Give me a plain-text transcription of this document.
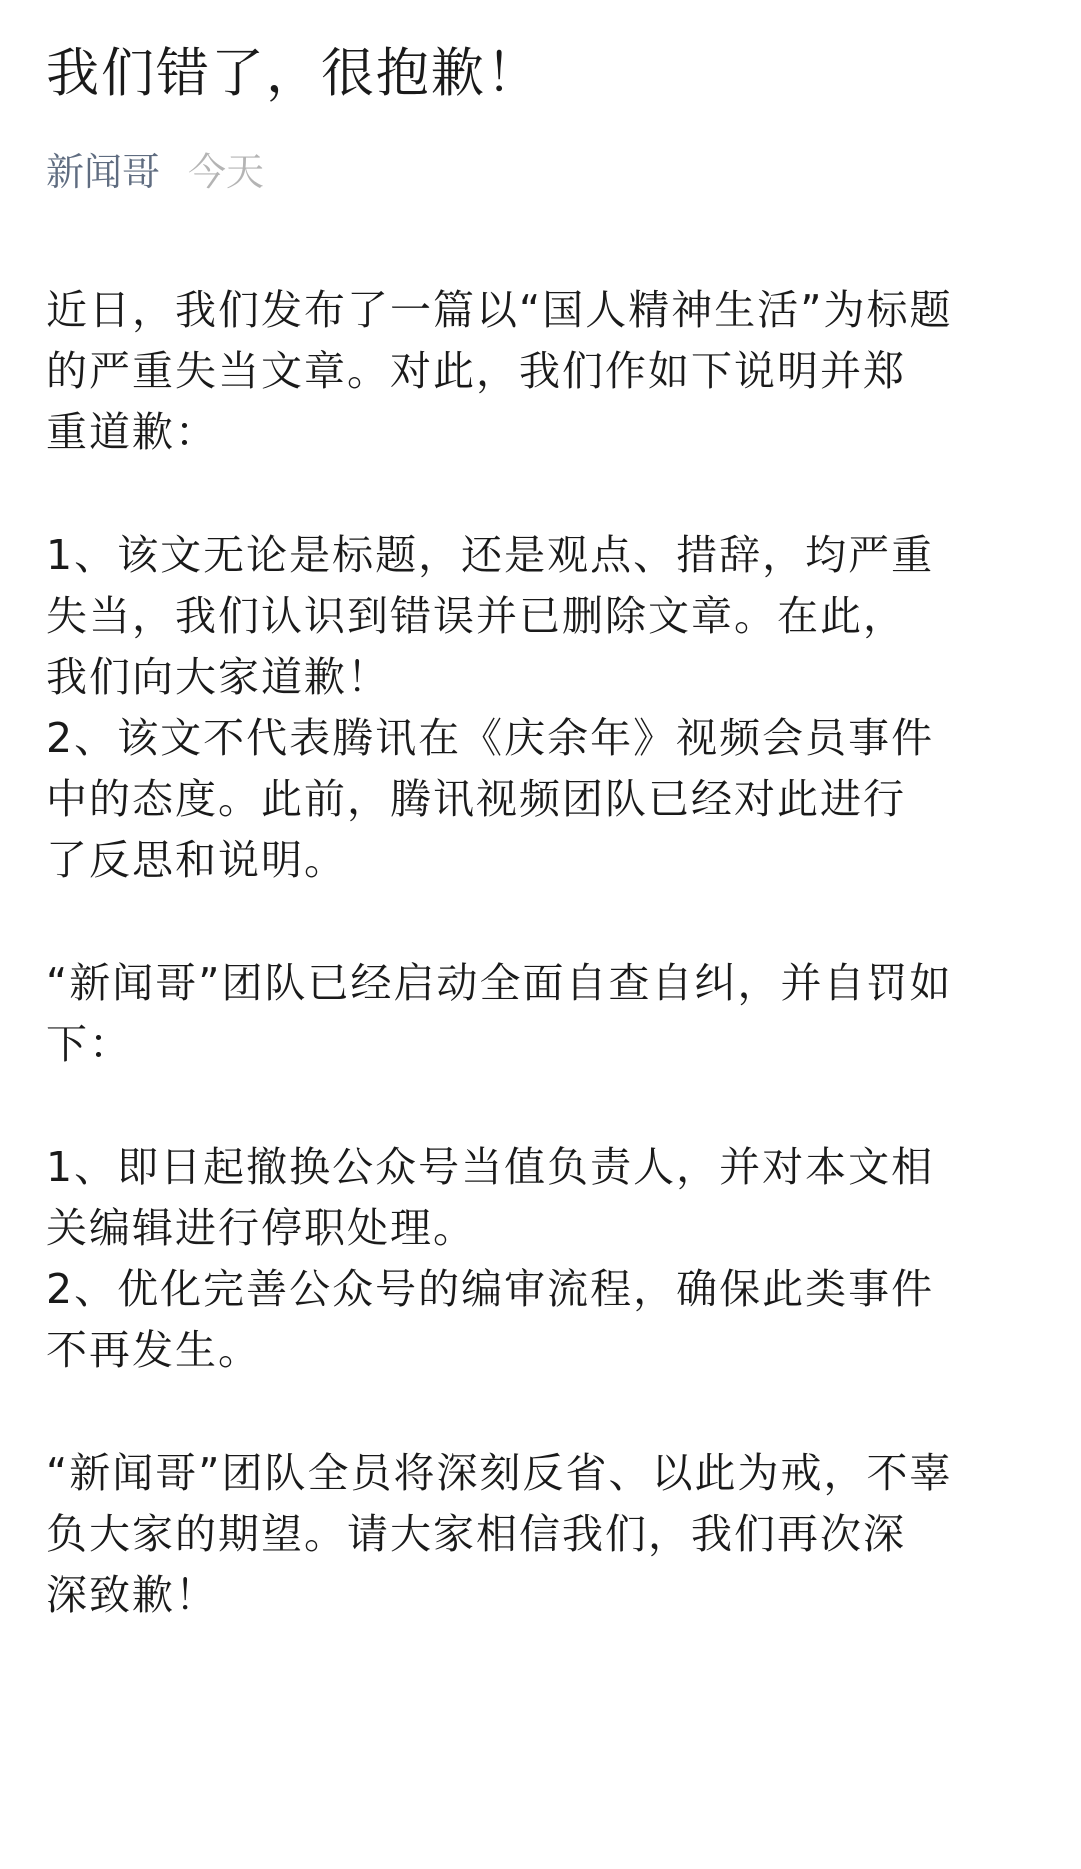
我们错了，很抱歉！
新闻哥 今天
近日，我们发布了一篇以“国人精神生活”为标题
的严重失当文章。对此，我们作如下说明并郑
重道歉：
1、该文无论是标题，还是观点、措辞，均严重
失当，我们认识到错误并已删除文章。在此，
我们向大家道歉！
2、该文不代表腾讯在《庆余年》视频会员事件
中的态度。此前，腾讯视频团队已经对此进行
了反思和说明。
“新闻哥”团队已经启动全面自查自纠，并自罚如
下：
1、即日起撤换公众号当值负责人，并对本文相
关编辑进行停职处理。
2、优化完善公众号的编审流程，确保此类事件
不再发生。
“新闻哥”团队全员将深刻反省、以此为戒，不辜
负大家的期望。请大家相信我们，我们再次深
深致歉！
